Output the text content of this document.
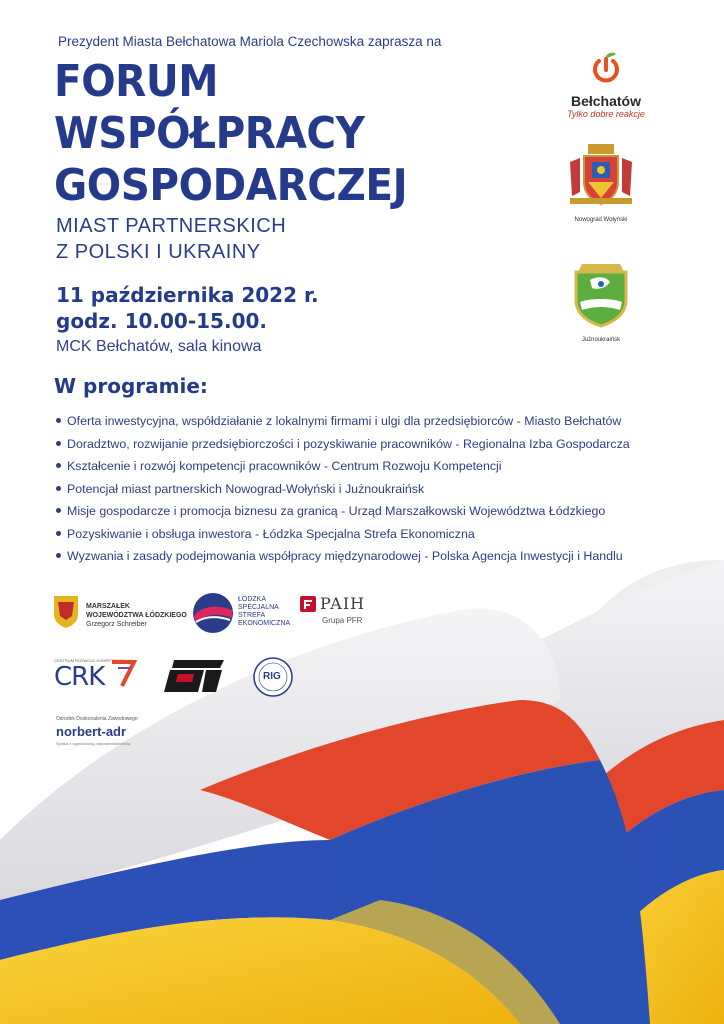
Prezydent Miasta Bełchatowa Mariola Czechowska zaprasza na
FORUM
WSPÓŁPRACY
GOSPODARCZEJ
MIAST PARTNERSKICH
Z POLSKI I UKRAINY
11 października 2022 r.
godz. 10.00-15.00.
MCK Bełchatów, sala kinowa
W programie:
Oferta inwestycyjna, współdziałanie z lokalnymi firmami i ulgi dla przedsiębiorców - Miasto Bełchatów
Doradztwo, rozwijanie przedsiębiorczości i pozyskiwanie pracowników - Regionalna Izba Gospodarcza
Kształcenie i rozwój kompetencji pracowników - Centrum Rozwoju Kompetencji
Potencjał miast partnerskich Nowograd-Wołyński i Jużnoukraińsk
Misje gospodarcze i promocja biznesu za granicą - Urząd Marszałkowski Województwa Łódzkiego
Pozyskiwanie i obsługa inwestora - Łódzka Specjalna Strefa Ekonomiczna
Wyzwania i zasady podejmowania współpracy międzynarodowej - Polska Agencja Inwestycji i Handlu
Bełchatów
Tylko dobre reakcje
Nowograd Wołyński
Jużnoukraińsk
MARSZAŁEK
WOJEWÓDZTWA ŁÓDZKIEGO
Grzegorz Schreiber
ŁÓDZKA
SPECJALNA
STREFA
EKONOMICZNA
PAIH
Grupa PFR
CENTRUM ROZWOJU KOMPETENCJI
CRK
BKPT
RIG
Ośrodek Doskonalenia Zawodowego
norbert-adr
Spółka z ograniczoną odpowiedzialnością
